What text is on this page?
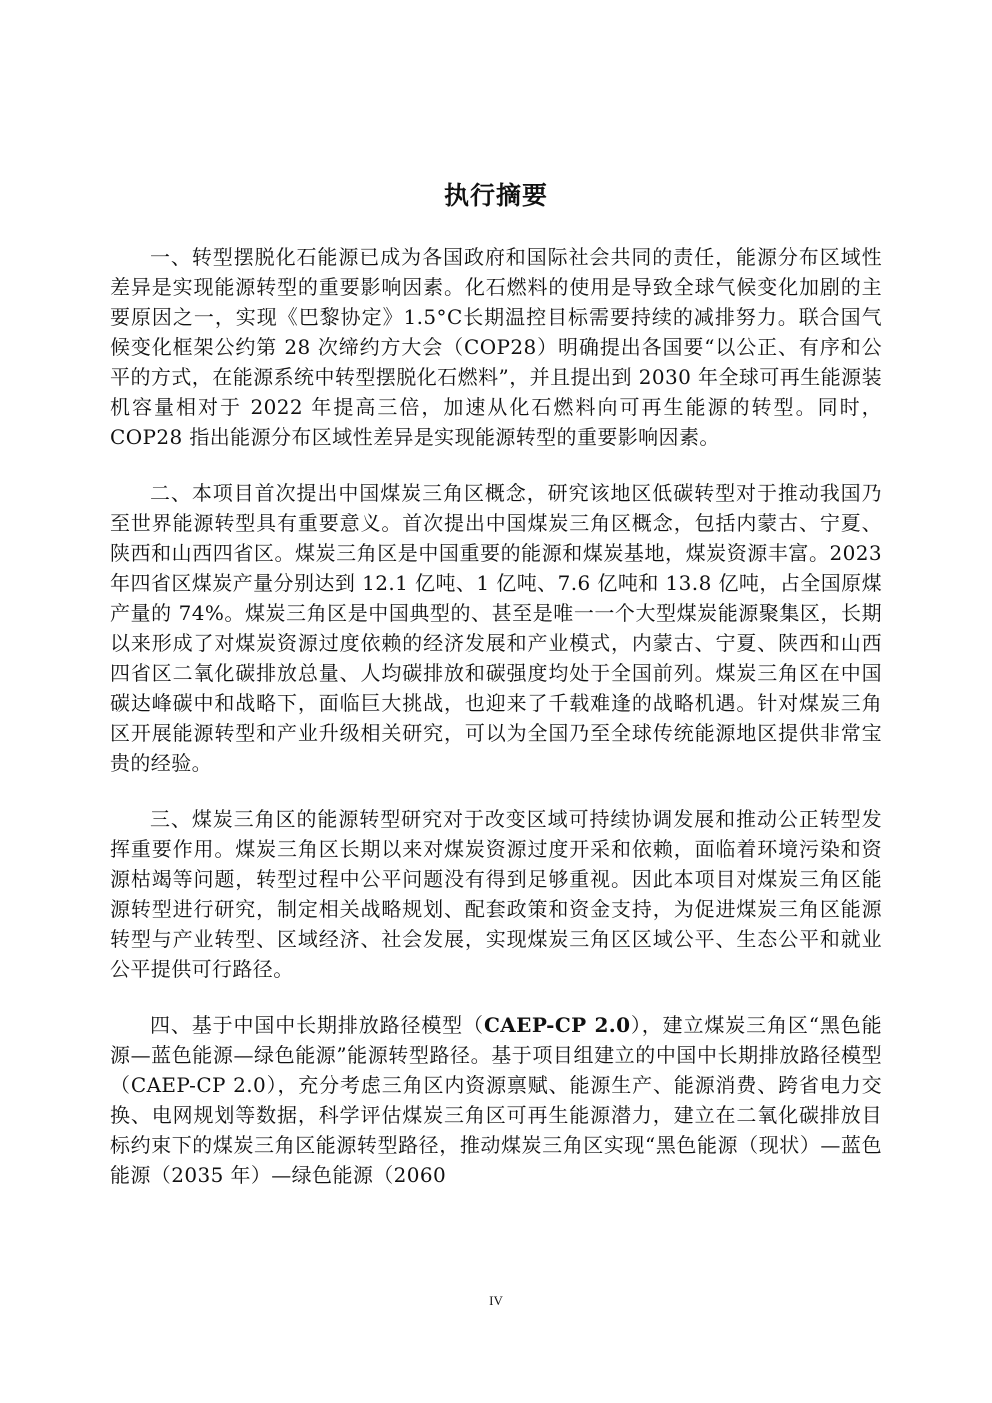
执行摘要

一、转型摆脱化石能源已成为各国政府和国际社会共同的责任，能源分布区域性差异是实现能源转型的重要影响因素。化石燃料的使用是导致全球气候变化加剧的主要原因之一，实现《巴黎协定》1.5°C长期温控目标需要持续的减排努力。联合国气候变化框架公约第 28 次缔约方大会（COP28）明确提出各国要“以公正、有序和公平的方式，在能源系统中转型摆脱化石燃料”，并且提出到 2030 年全球可再生能源装机容量相对于 2022 年提高三倍，加速从化石燃料向可再生能源的转型。同时，COP28 指出能源分布区域性差异是实现能源转型的重要影响因素。

二、本项目首次提出中国煤炭三角区概念，研究该地区低碳转型对于推动我国乃至世界能源转型具有重要意义。首次提出中国煤炭三角区概念，包括内蒙古、宁夏、陕西和山西四省区。煤炭三角区是中国重要的能源和煤炭基地，煤炭资源丰富。2023 年四省区煤炭产量分别达到 12.1 亿吨、1 亿吨、7.6 亿吨和 13.8 亿吨，占全国原煤产量的 74%。煤炭三角区是中国典型的、甚至是唯一一个大型煤炭能源聚集区，长期以来形成了对煤炭资源过度依赖的经济发展和产业模式，内蒙古、宁夏、陕西和山西四省区二氧化碳排放总量、人均碳排放和碳强度均处于全国前列。煤炭三角区在中国碳达峰碳中和战略下，面临巨大挑战，也迎来了千载难逢的战略机遇。针对煤炭三角区开展能源转型和产业升级相关研究，可以为全国乃至全球传统能源地区提供非常宝贵的经验。

三、煤炭三角区的能源转型研究对于改变区域可持续协调发展和推动公正转型发挥重要作用。煤炭三角区长期以来对煤炭资源过度开采和依赖，面临着环境污染和资源枯竭等问题，转型过程中公平问题没有得到足够重视。因此本项目对煤炭三角区能源转型进行研究，制定相关战略规划、配套政策和资金支持，为促进煤炭三角区能源转型与产业转型、区域经济、社会发展，实现煤炭三角区区域公平、生态公平和就业公平提供可行路径。

四、基于中国中长期排放路径模型（CAEP-CP 2.0），建立煤炭三角区“黑色能源—蓝色能源—绿色能源”能源转型路径。基于项目组建立的中国中长期排放路径模型（CAEP-CP 2.0），充分考虑三角区内资源禀赋、能源生产、能源消费、跨省电力交换、电网规划等数据，科学评估煤炭三角区可再生能源潜力，建立在二氧化碳排放目标约束下的煤炭三角区能源转型路径，推动煤炭三角区实现“黑色能源（现状）—蓝色能源（2035 年）—绿色能源（2060

IV
